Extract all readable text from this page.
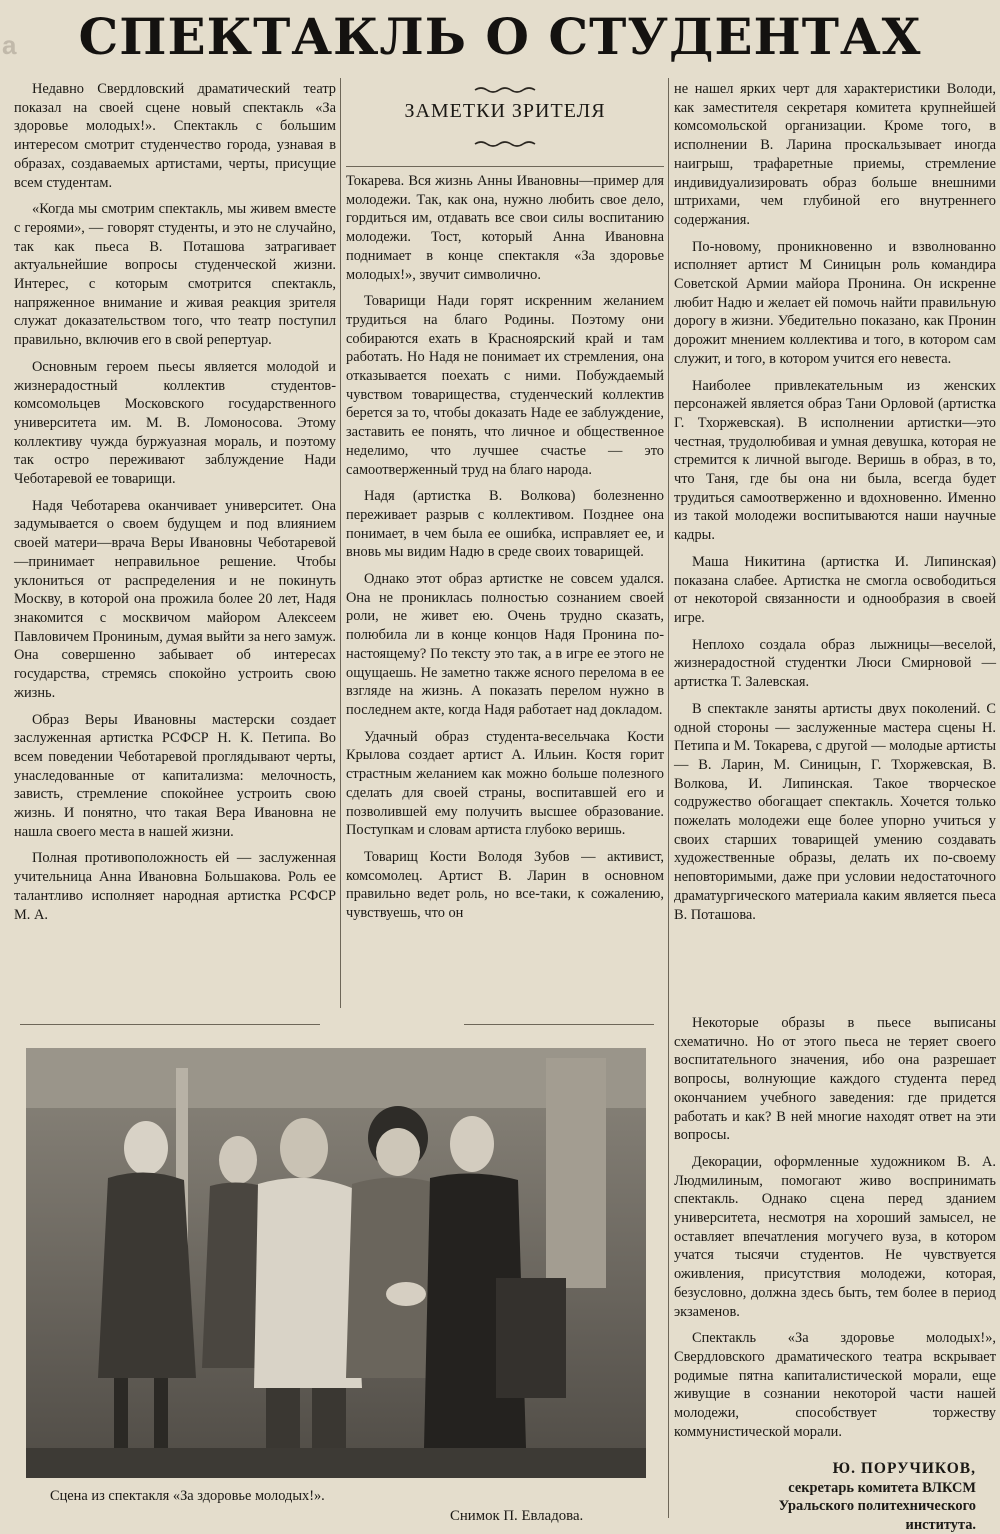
а	СПЕКТАКЛЬ О СТУДЕНТАХ
ЗАМЕТКИ ЗРИТЕЛЯ

Недавно Свердловский драматический театр показал на своей сцене новый спектакль «За здоровье молодых!». Спектакль с большим интересом смотрит студенчество города, узнавая в образах, создаваемых артистами, черты, присущие всем студентам.

«Когда мы смотрим спектакль, мы живем вместе с героями», — говорят студенты, и это не случайно, так как пьеса В. Поташова затрагивает актуальнейшие вопросы студенческой жизни. Интерес, с которым смотрится спектакль, напряженное внимание и живая реакция зрителя служат доказательством того, что театр поступил правильно, включив его в свой репертуар.

Основным героем пьесы является молодой и жизнерадостный коллектив студентов-комсомольцев Московского государственного университета им. М. В. Ломоносова. Этому коллективу чужда буржуазная мораль, и поэтому так остро переживают заблуждение Нади Чеботаревой ее товарищи.

Надя Чеботарева оканчивает университет. Она задумывается о своем будущем и под влиянием своей матери—врача Веры Ивановны Чеботаревой—принимает неправильное решение. Чтобы уклониться от распределения и не покинуть Москву, в которой она прожила более 20 лет, Надя знакомится с москвичом майором Алексеем Павловичем Прониным, думая выйти за него замуж. Она совершенно забывает об интересах государства, стремясь спокойно устроить свою жизнь.

Образ Веры Ивановны мастерски создает заслуженная артистка РСФСР Н. К. Петипа. Во всем поведении Чеботаревой проглядывают черты, унаследованные от капитализма: мелочность, зависть, стремление спокойнее устроить свою жизнь. И понятно, что такая Вера Ивановна не нашла своего места в нашей жизни.

Полная противоположность ей — заслуженная учительница Анна Ивановна Большакова. Роль ее талантливо исполняет народная артистка РСФСР М. А.

Токарева. Вся жизнь Анны Ивановны—пример для молодежи. Так, как она, нужно любить свое дело, гордиться им, отдавать все свои силы воспитанию молодежи. Тост, который Анна Ивановна поднимает в конце спектакля «За здоровье молодых!», звучит символично.

Товарищи Нади горят искренним желанием трудиться на благо Родины. Поэтому они собираются ехать в Красноярский край и там работать. Но Надя не понимает их стремления, она отказывается поехать с ними. Побуждаемый чувством товарищества, студенческий коллектив берется за то, чтобы доказать Наде ее заблуждение, заставить ее понять, что личное и общественное неделимо, что лучшее счастье — это самоотверженный труд на благо народа.

Надя (артистка В. Волкова) болезненно переживает разрыв с коллективом. Позднее она понимает, в чем была ее ошибка, исправляет ее, и вновь мы видим Надю в среде своих товарищей.

Однако этот образ артистке не совсем удался. Она не прониклась полностью сознанием своей роли, не живет ею. Очень трудно сказать, полюбила ли в конце концов Надя Пронина по-настоящему? По тексту это так, а в игре ее этого не ощущаешь. Не заметно также ясного перелома в ее взгляде на жизнь. А показать перелом нужно в последнем акте, когда Надя работает над докладом.

Удачный образ студента-весельчака Кости Крылова создает артист А. Ильин. Костя горит страстным желанием как можно больше полезного сделать для своей страны, воспитавшей его и позволившей ему получить высшее образование. Поступкам и словам артиста глубоко веришь.

Товарищ Кости Володя Зубов — активист, комсомолец. Артист В. Ларин в основном правильно ведет роль, но все-таки, к сожалению, чувствуешь, что он

не нашел ярких черт для характеристики Володи, как заместителя секретаря комитета крупнейшей комсомольской организации. Кроме того, в исполнении В. Ларина проскальзывает иногда наигрыш, трафаретные приемы, стремление индивидуализировать образ больше внешними штрихами, чем глубиной его внутреннего содержания.

По-новому, проникновенно и взволнованно исполняет артист М Синицын роль командира Советской Армии майора Пронина. Он искренне любит Надю и желает ей помочь найти правильную дорогу в жизни. Убедительно показано, как Пронин дорожит мнением коллектива и того, в котором сам служит, и того, в котором учится его невеста.

Наиболее привлекательным из женских персонажей является образ Тани Орловой (артистка Г. Тхоржевская). В исполнении артистки—это честная, трудолюбивая и умная девушка, которая не стремится к личной выгоде. Веришь в образ, в то, что Таня, где бы она ни была, всегда будет трудиться самоотверженно и вдохновенно. Именно из такой молодежи воспитываются наши научные кадры.

Маша Никитина (артистка И. Липинская) показана слабее. Артистка не смогла освободиться от некоторой связанности и однообразия в своей игре.

Неплохо создала образ лыжницы—веселой, жизнерадостной студентки Люси Смирновой — артистка Т. Залевская.

В спектакле заняты артисты двух поколений. С одной стороны — заслуженные мастера сцены Н. Петипа и М. Токарева, с другой — молодые артисты — В. Ларин, М. Синицын, Г. Тхоржевская, В. Волкова, И. Липинская. Такое творческое содружество обогащает спектакль. Хочется только пожелать молодежи еще более упорно учиться у своих старших товарищей умению создавать художественные образы, делать их по-своему неповторимыми, даже при условии недостаточного драматургического материала каким является пьеса В. Поташова.

Некоторые образы в пьесе выписаны схематично. Но от этого пьеса не теряет своего воспитательного значения, ибо она разрешает вопросы, волнующие каждого студента перед окончанием учебного заведения: где придется работать и как? В ней многие находят ответ на эти вопросы.

Декорации, оформленные художником В. А. Людмилиным, помогают живо воспринимать спектакль. Однако сцена перед зданием университета, несмотря на хороший замысел, не оставляет впечатления могучего вуза, в котором учатся тысячи студентов. Не чувствуется оживления, присутствия молодежи, которая, безусловно, должна здесь быть, тем более в период экзаменов.

Спектакль «За здоровье молодых!», Свердловского драматического театра вскрывает родимые пятна капиталистической морали, еще живущие в сознании некоторой части нашей молодежи, способствует торжеству коммунистической морали.

Сцена из спектакля «За здоровье молодых!».
Снимок П. Евладова.
Ю. ПОРУЧИКОВ,
секретарь комитета ВЛКСМ
Уральского политехнического
института.
